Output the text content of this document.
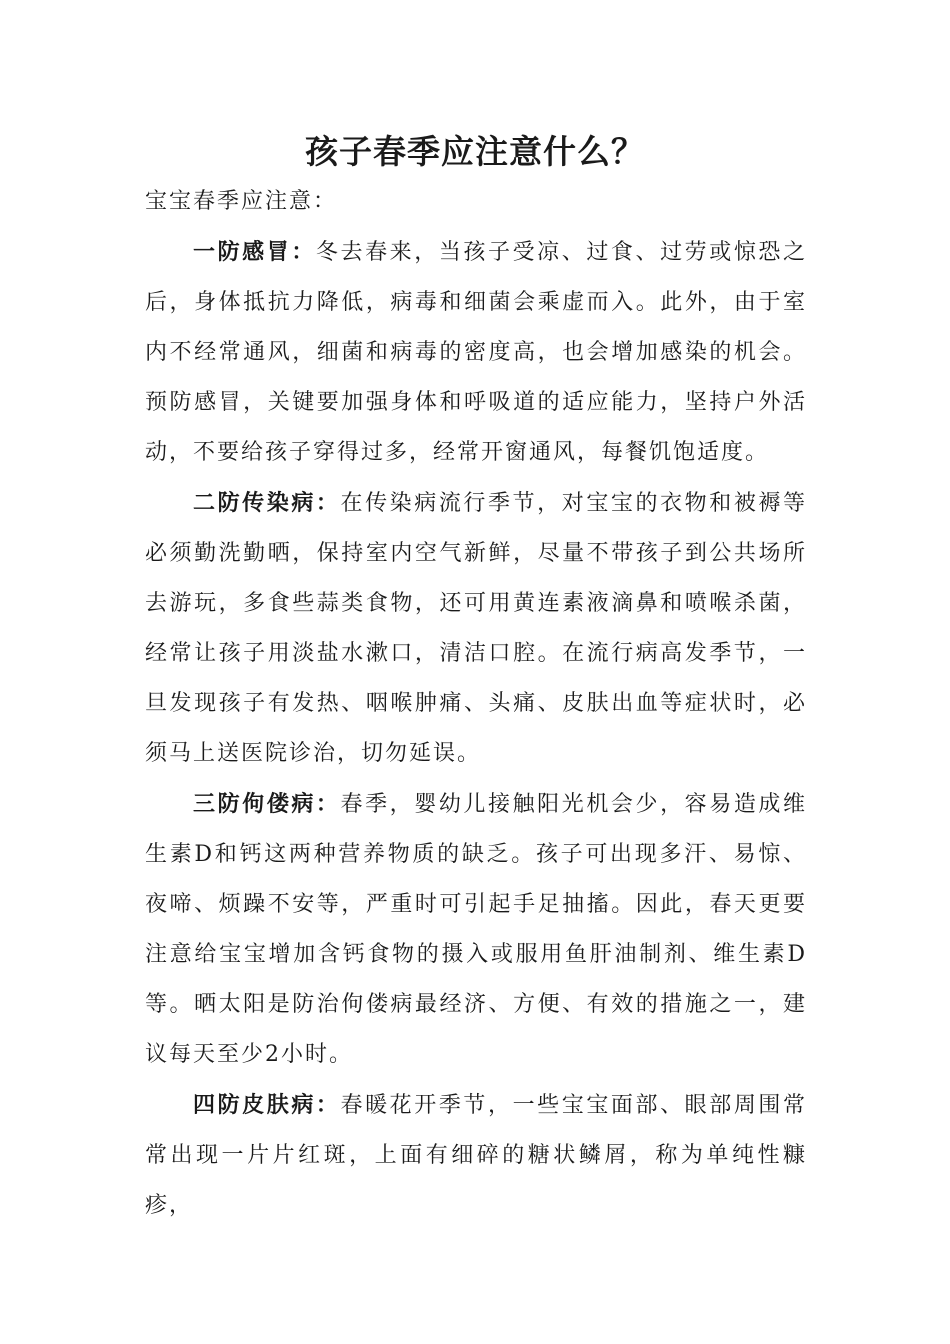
孩子春季应注意什么？

宝宝春季应注意：

一防感冒：冬去春来，当孩子受凉、过食、过劳或惊恐之后，身体抵抗力降低，病毒和细菌会乘虚而入。此外，由于室内不经常通风，细菌和病毒的密度高，也会增加感染的机会。预防感冒，关键要加强身体和呼吸道的适应能力，坚持户外活动，不要给孩子穿得过多，经常开窗通风，每餐饥饱适度。

二防传染病：在传染病流行季节，对宝宝的衣物和被褥等必须勤洗勤晒，保持室内空气新鲜，尽量不带孩子到公共场所去游玩，多食些蒜类食物，还可用黄连素液滴鼻和喷喉杀菌，经常让孩子用淡盐水漱口，清洁口腔。在流行病高发季节，一旦发现孩子有发热、咽喉肿痛、头痛、皮肤出血等症状时，必须马上送医院诊治，切勿延误。

三防佝偻病：春季，婴幼儿接触阳光机会少，容易造成维生素D和钙这两种营养物质的缺乏。孩子可出现多汗、易惊、夜啼、烦躁不安等，严重时可引起手足抽搐。因此，春天更要注意给宝宝增加含钙食物的摄入或服用鱼肝油制剂、维生素D等。晒太阳是防治佝偻病最经济、方便、有效的措施之一，建议每天至少2小时。

四防皮肤病：春暖花开季节，一些宝宝面部、眼部周围常常出现一片片红斑，上面有细碎的糖状鳞屑，称为单纯性糠疹，
